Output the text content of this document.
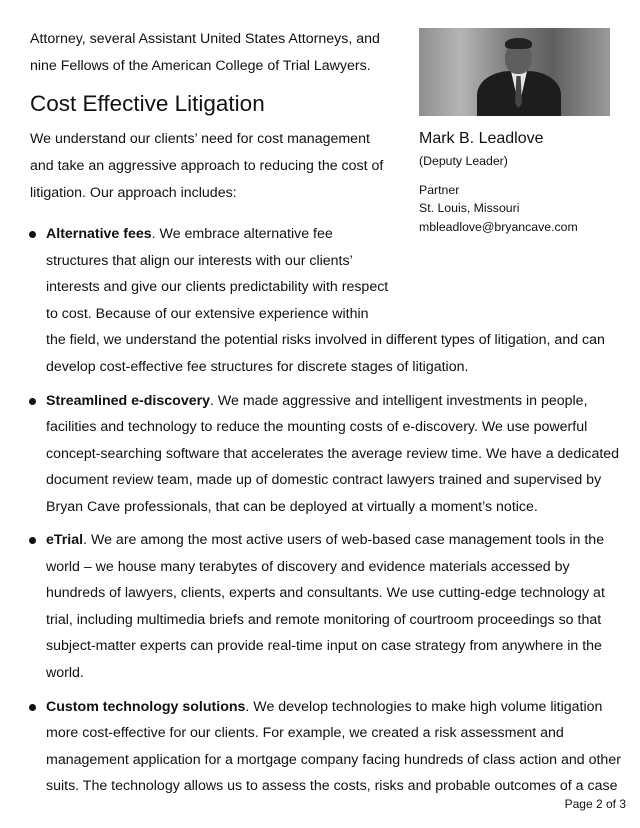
Attorney, several Assistant United States Attorneys, and
nine Fellows of the American College of Trial Lawyers.
Cost Effective Litigation
We understand our clients’ need for cost management
and take an aggressive approach to reducing the cost of
litigation. Our approach includes:
Alternative fees. We embrace alternative fee
structures that align our interests with our clients’
interests and give our clients predictability with respect
to cost. Because of our extensive experience within
the field, we understand the potential risks involved in different types of litigation, and can
develop cost-effective fee structures for discrete stages of litigation.
Streamlined e-discovery. We made aggressive and intelligent investments in people,
facilities and technology to reduce the mounting costs of e-discovery. We use powerful
concept-searching software that accelerates the average review time. We have a dedicated
document review team, made up of domestic contract lawyers trained and supervised by
Bryan Cave professionals, that can be deployed at virtually a moment’s notice.
eTrial. We are among the most active users of web-based case management tools in the
world – we house many terabytes of discovery and evidence materials accessed by
hundreds of lawyers, clients, experts and consultants. We use cutting-edge technology at
trial, including multimedia briefs and remote monitoring of courtroom proceedings so that
subject-matter experts can provide real-time input on case strategy from anywhere in the
world.
Custom technology solutions. We develop technologies to make high volume litigation
more cost-effective for our clients. For example, we created a risk assessment and
management application for a mortgage company facing hundreds of class action and other
suits. The technology allows us to assess the costs, risks and probable outcomes of a case
Mark B. Leadlove
(Deputy Leader)
Partner
St. Louis, Missouri
mbleadlove@bryancave.com
Page 2 of 3
